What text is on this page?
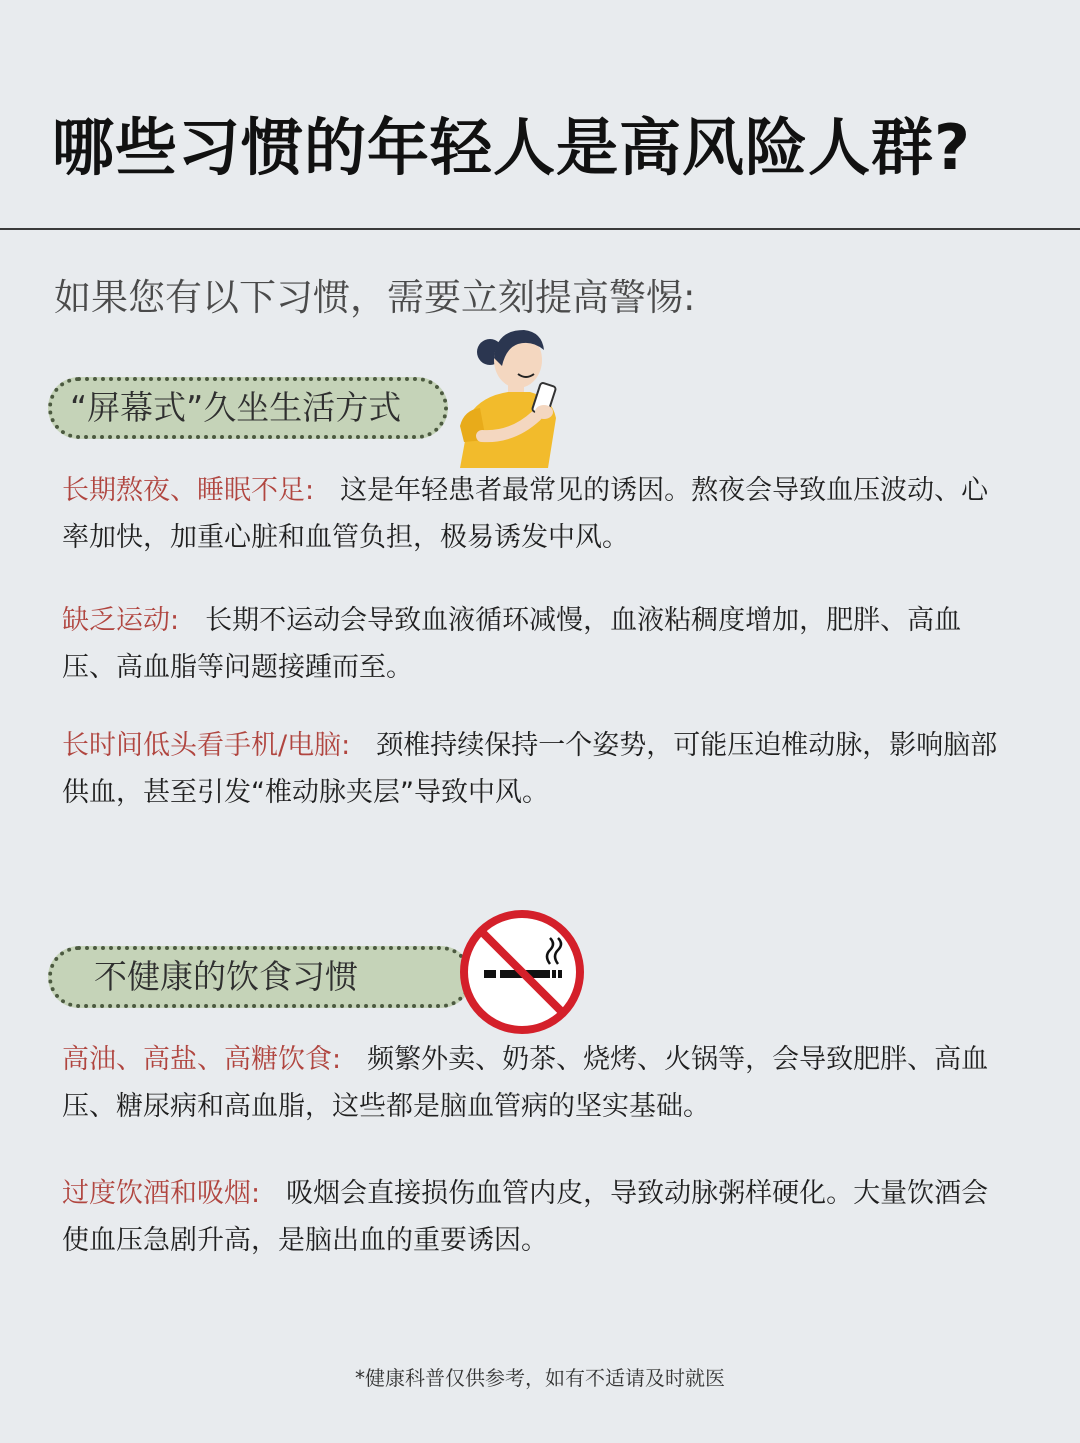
哪些习惯的年轻人是高风险人群?
如果您有以下习惯，需要立刻提高警惕:
“屏幕式”久坐生活方式
长期熬夜、睡眠不足: 这是年轻患者最常见的诱因。熬夜会导致血压波动、心率加快，加重心脏和血管负担，极易诱发中风。
缺乏运动: 长期不运动会导致血液循环减慢，血液粘稠度增加，肥胖、高血压、高血脂等问题接踵而至。
长时间低头看手机/电脑: 颈椎持续保持一个姿势，可能压迫椎动脉，影响脑部供血，甚至引发“椎动脉夹层”导致中风。
不健康的饮食习惯
高油、高盐、高糖饮食: 频繁外卖、奶茶、烧烤、火锅等，会导致肥胖、高血压、糖尿病和高血脂，这些都是脑血管病的坚实基础。
过度饮酒和吸烟: 吸烟会直接损伤血管内皮，导致动脉粥样硬化。大量饮酒会使血压急剧升高，是脑出血的重要诱因。
*健康科普仅供参考，如有不适请及时就医
